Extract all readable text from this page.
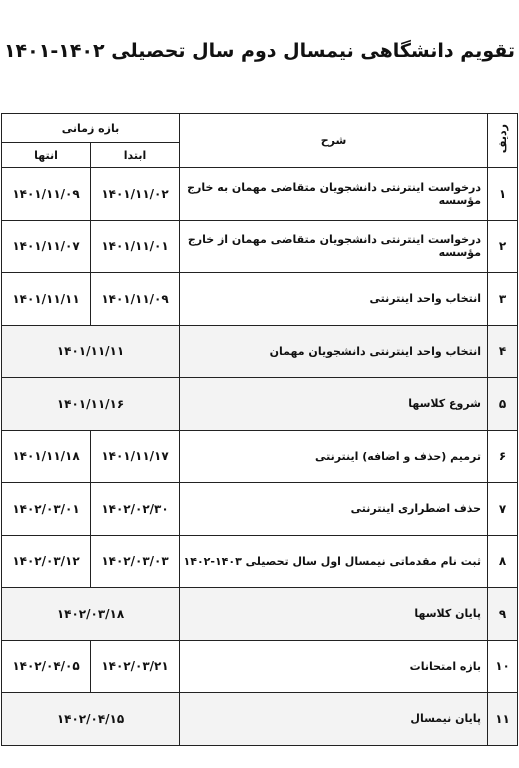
تقویم دانشگاهی نیمسال دوم سال تحصیلی ۱۴۰۲-۱۴۰۱
ردیف	شرح	بازه زمانی	
		ابتدا	انتها
۱	درخواست اینترنتی دانشجویان متقاضی مهمان به خارج مؤسسه	۱۴۰۱/۱۱/۰۲	۱۴۰۱/۱۱/۰۹
۲	درخواست اینترنتی دانشجویان متقاضی مهمان از خارج مؤسسه	۱۴۰۱/۱۱/۰۱	۱۴۰۱/۱۱/۰۷
۳	انتخاب واحد اینترنتی	۱۴۰۱/۱۱/۰۹	۱۴۰۱/۱۱/۱۱
۴	انتخاب واحد اینترنتی دانشجویان مهمان	۱۴۰۱/۱۱/۱۱	
۵	شروع کلاسها	۱۴۰۱/۱۱/۱۶	
۶	ترمیم (حذف و اضافه) اینترنتی	۱۴۰۱/۱۱/۱۷	۱۴۰۱/۱۱/۱۸
۷	حذف اضطراری اینترنتی	۱۴۰۲/۰۲/۳۰	۱۴۰۲/۰۳/۰۱
۸	ثبت نام مقدماتی نیمسال اول سال تحصیلی ۱۴۰۳-۱۴۰۲	۱۴۰۲/۰۳/۰۳	۱۴۰۲/۰۳/۱۲
۹	پایان کلاسها	۱۴۰۲/۰۳/۱۸	
۱۰	بازه امتحانات	۱۴۰۲/۰۳/۲۱	۱۴۰۲/۰۴/۰۵
۱۱	پایان نیمسال	۱۴۰۲/۰۴/۱۵	
